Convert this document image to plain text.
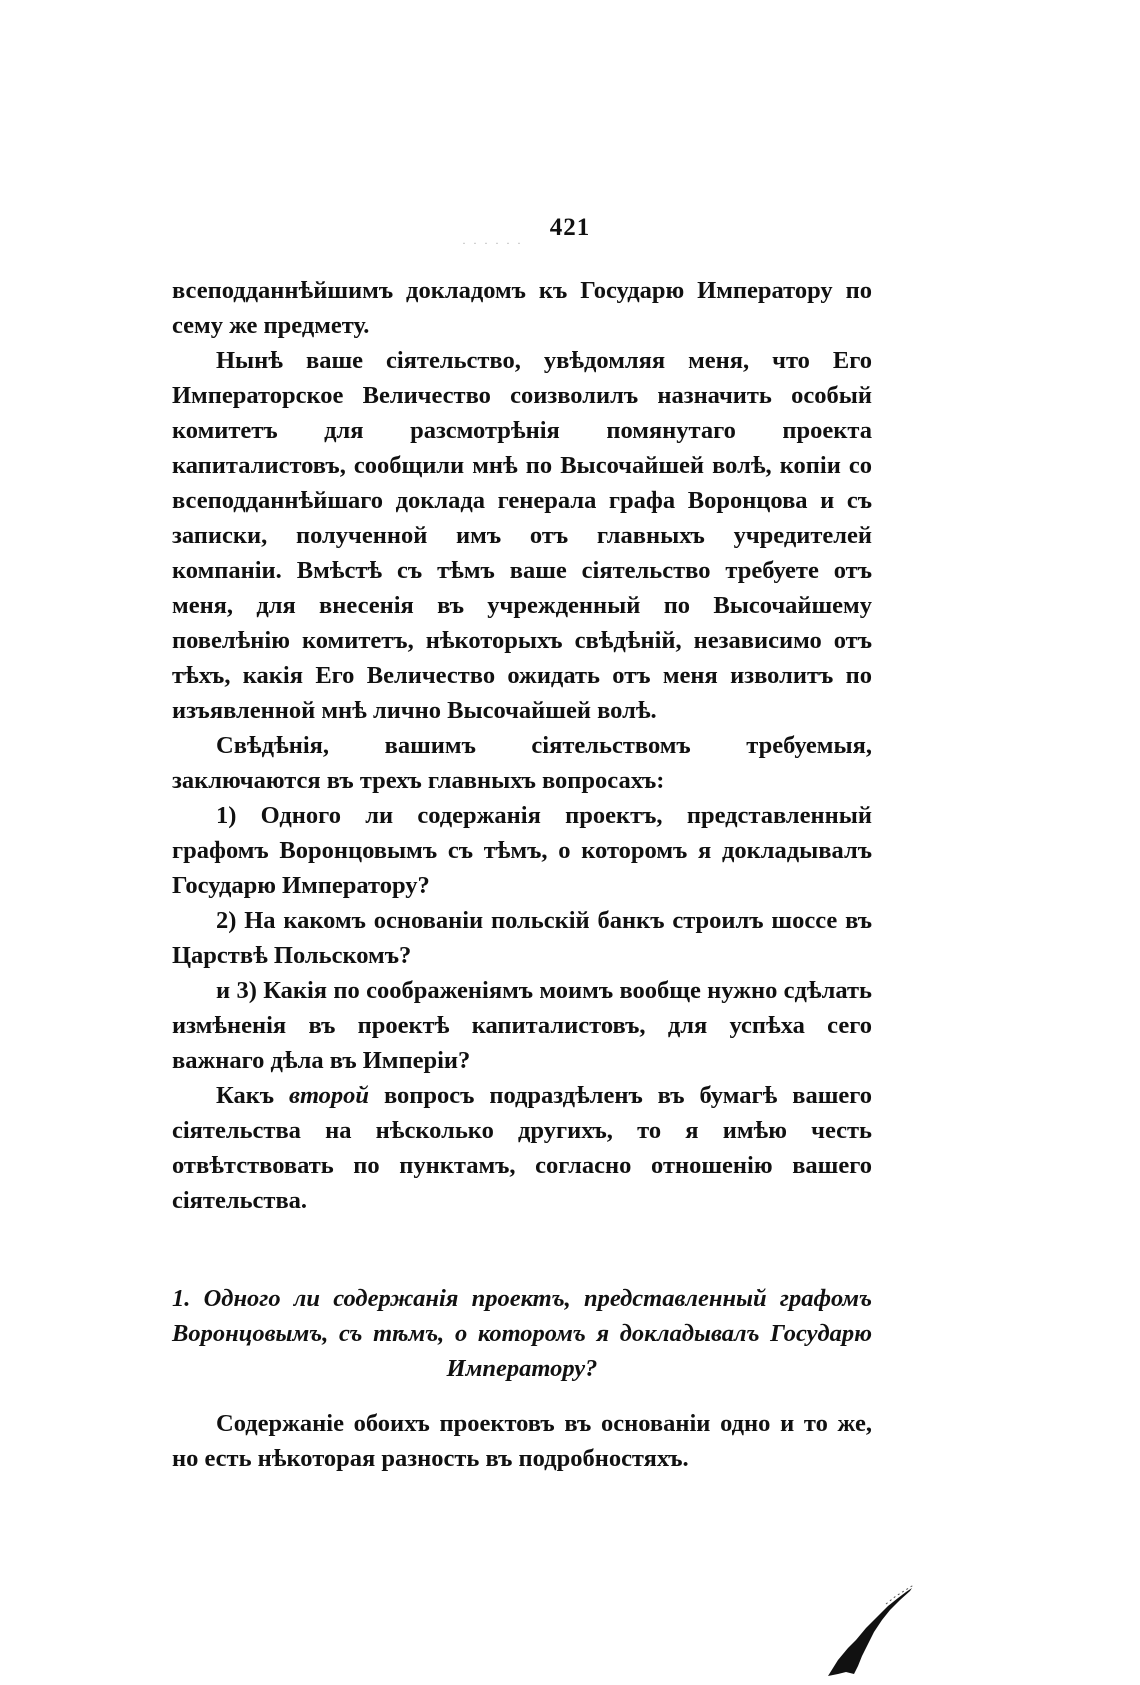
421
· · · · · ·

всеподданнѣйшимъ докладомъ къ Государю Императору по сему же предмету.

Нынѣ ваше сіятельство, увѣдомляя меня, что Его Императорское Величество соизволилъ назначить особый комитетъ для разсмотрѣнія помянутаго проекта капиталистовъ, сообщили мнѣ по Высочайшей волѣ, копіи со всеподданнѣйшаго доклада генерала графа Воронцова и съ записки, полученной имъ отъ главныхъ учредителей компаніи. Вмѣстѣ съ тѣмъ ваше сіятельство требуете отъ меня, для внесенія въ учрежденный по Высочайшему повелѣнію комитетъ, нѣкоторыхъ свѣдѣній, независимо отъ тѣхъ, какія Его Величество ожидать отъ меня изволитъ по изъявленной мнѣ лично Высочайшей волѣ.

Свѣдѣнія, вашимъ сіятельствомъ требуемыя, заключаются въ трехъ главныхъ вопросахъ:

1) Одного ли содержанія проектъ, представленный графомъ Воронцовымъ съ тѣмъ, о которомъ я докладывалъ Государю Императору?

2) На какомъ основаніи польскій банкъ строилъ шоссе въ Царствѣ Польскомъ?

и 3) Какія по соображеніямъ моимъ вообще нужно сдѣлать измѣненія въ проектѣ капиталистовъ, для успѣха сего важнаго дѣла въ Имперіи?

Какъ второй вопросъ подраздѣленъ въ бумагѣ вашего сіятельства на нѣсколько другихъ, то я имѣю честь отвѣтствовать по пунктамъ, согласно отношенію вашего сіятельства.

1. Одного ли содержанія проектъ, представленный графомъ Воронцовымъ, съ тѣмъ, о которомъ я докладывалъ Государю Императору?

Содержаніе обоихъ проектовъ въ основаніи одно и то же, но есть нѣкоторая разность въ подробностяхъ.
